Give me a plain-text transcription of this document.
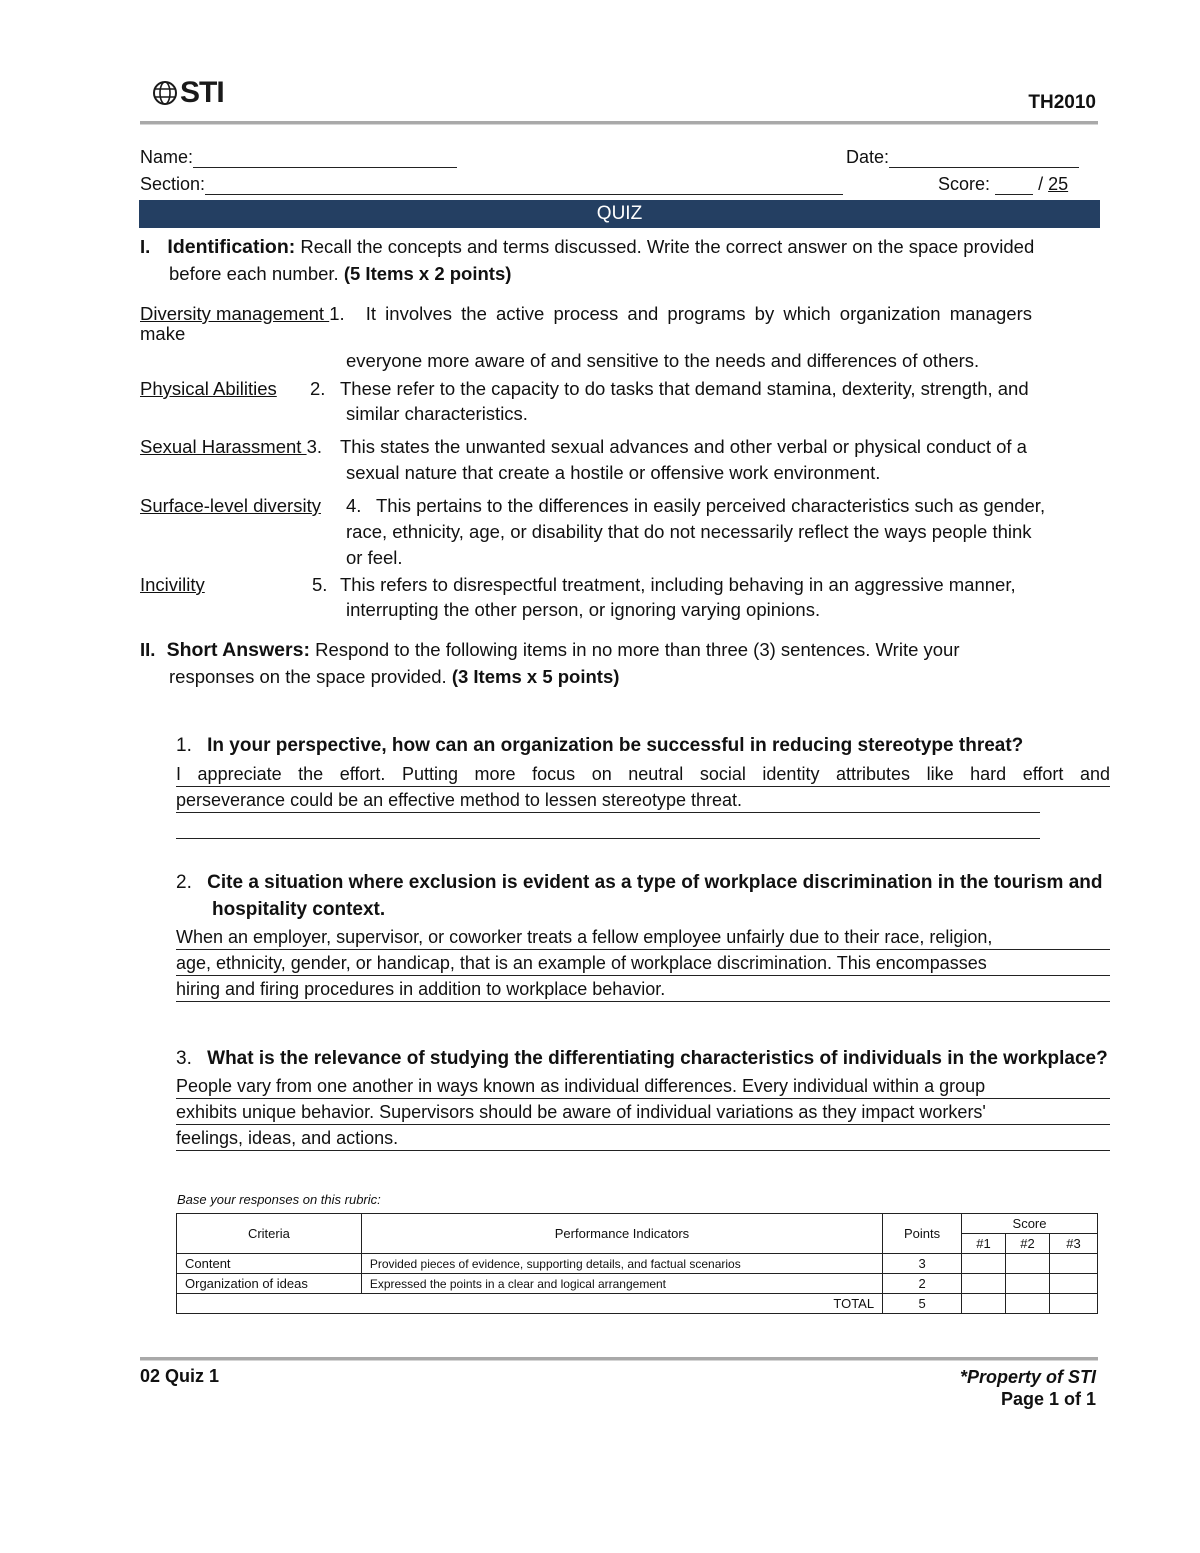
STI	TH2010
Name:	Date:
Section:	Score:	/ 25
QUIZ
I. Identification: Recall the concepts and terms discussed. Write the correct answer on the space provided
before each number. (5 Items x 2 points)
Diversity management 1. It involves the active process and programs by which organization managers
make
everyone more aware of and sensitive to the needs and differences of others.
Physical Abilities2. These refer to the capacity to do tasks that demand stamina, dexterity, strength, and
similar characteristics.
Sexual Harassment 3. This states the unwanted sexual advances and other verbal or physical conduct of a
sexual nature that create a hostile or offensive work environment.
Surface-level diversity4. This pertains to the differences in easily perceived characteristics such as gender,
race, ethnicity, age, or disability that do not necessarily reflect the ways people think
or feel.
Incivility	5. This refers to disrespectful treatment, including behaving in an aggressive manner,
interrupting the other person, or ignoring varying opinions.
II. Short Answers: Respond to the following items in no more than three (3) sentences. Write your
responses on the space provided. (3 Items x 5 points)
1. In your perspective, how can an organization be successful in reducing stereotype threat?
I appreciate the effort. Putting more focus on neutral social identity attributes like hard effort and
perseverance could be an effective method to lessen stereotype threat.
2. Cite a situation where exclusion is evident as a type of workplace discrimination in the tourism and
hospitality context.
When an employer, supervisor, or coworker treats a fellow employee unfairly due to their race, religion,
age, ethnicity, gender, or handicap, that is an example of workplace discrimination. This encompasses
hiring and firing procedures in addition to workplace behavior.
3. What is the relevance of studying the differentiating characteristics of individuals in the workplace?
People vary from one another in ways known as individual differences. Every individual within a group
exhibits unique behavior. Supervisors should be aware of individual variations as they impact workers'
feelings, ideas, and actions.
Base your responses on this rubric:
Criteria	Performance Indicators	Points	Score		
			#1	#2	#3
Content	Provided pieces of evidence, supporting details, and factual scenarios	3			
Organization of ideas	Expressed the points in a clear and logical arrangement	2			
TOTAL		5			
02 Quiz 1	*Property of STI
Page 1 of 1
